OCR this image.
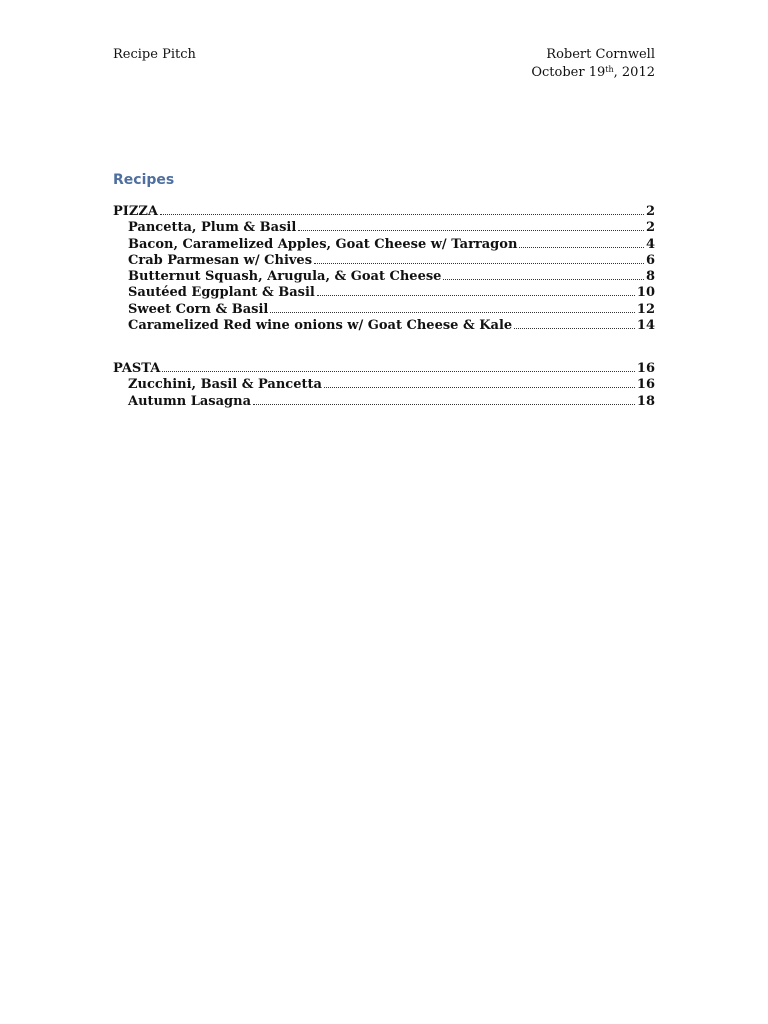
Recipe Pitch	Robert Cornwell
October 19th, 2012
Recipes
PIZZA	2
Pancetta, Plum & Basil	2
Bacon, Caramelized Apples, Goat Cheese w/ Tarragon	4
Crab Parmesan w/ Chives	6
Butternut Squash, Arugula, & Goat Cheese	8
Sautéed Eggplant & Basil	10
Sweet Corn & Basil	12
Caramelized Red wine onions w/ Goat Cheese & Kale	14
PASTA	16
Zucchini, Basil & Pancetta	16
Autumn Lasagna	18
